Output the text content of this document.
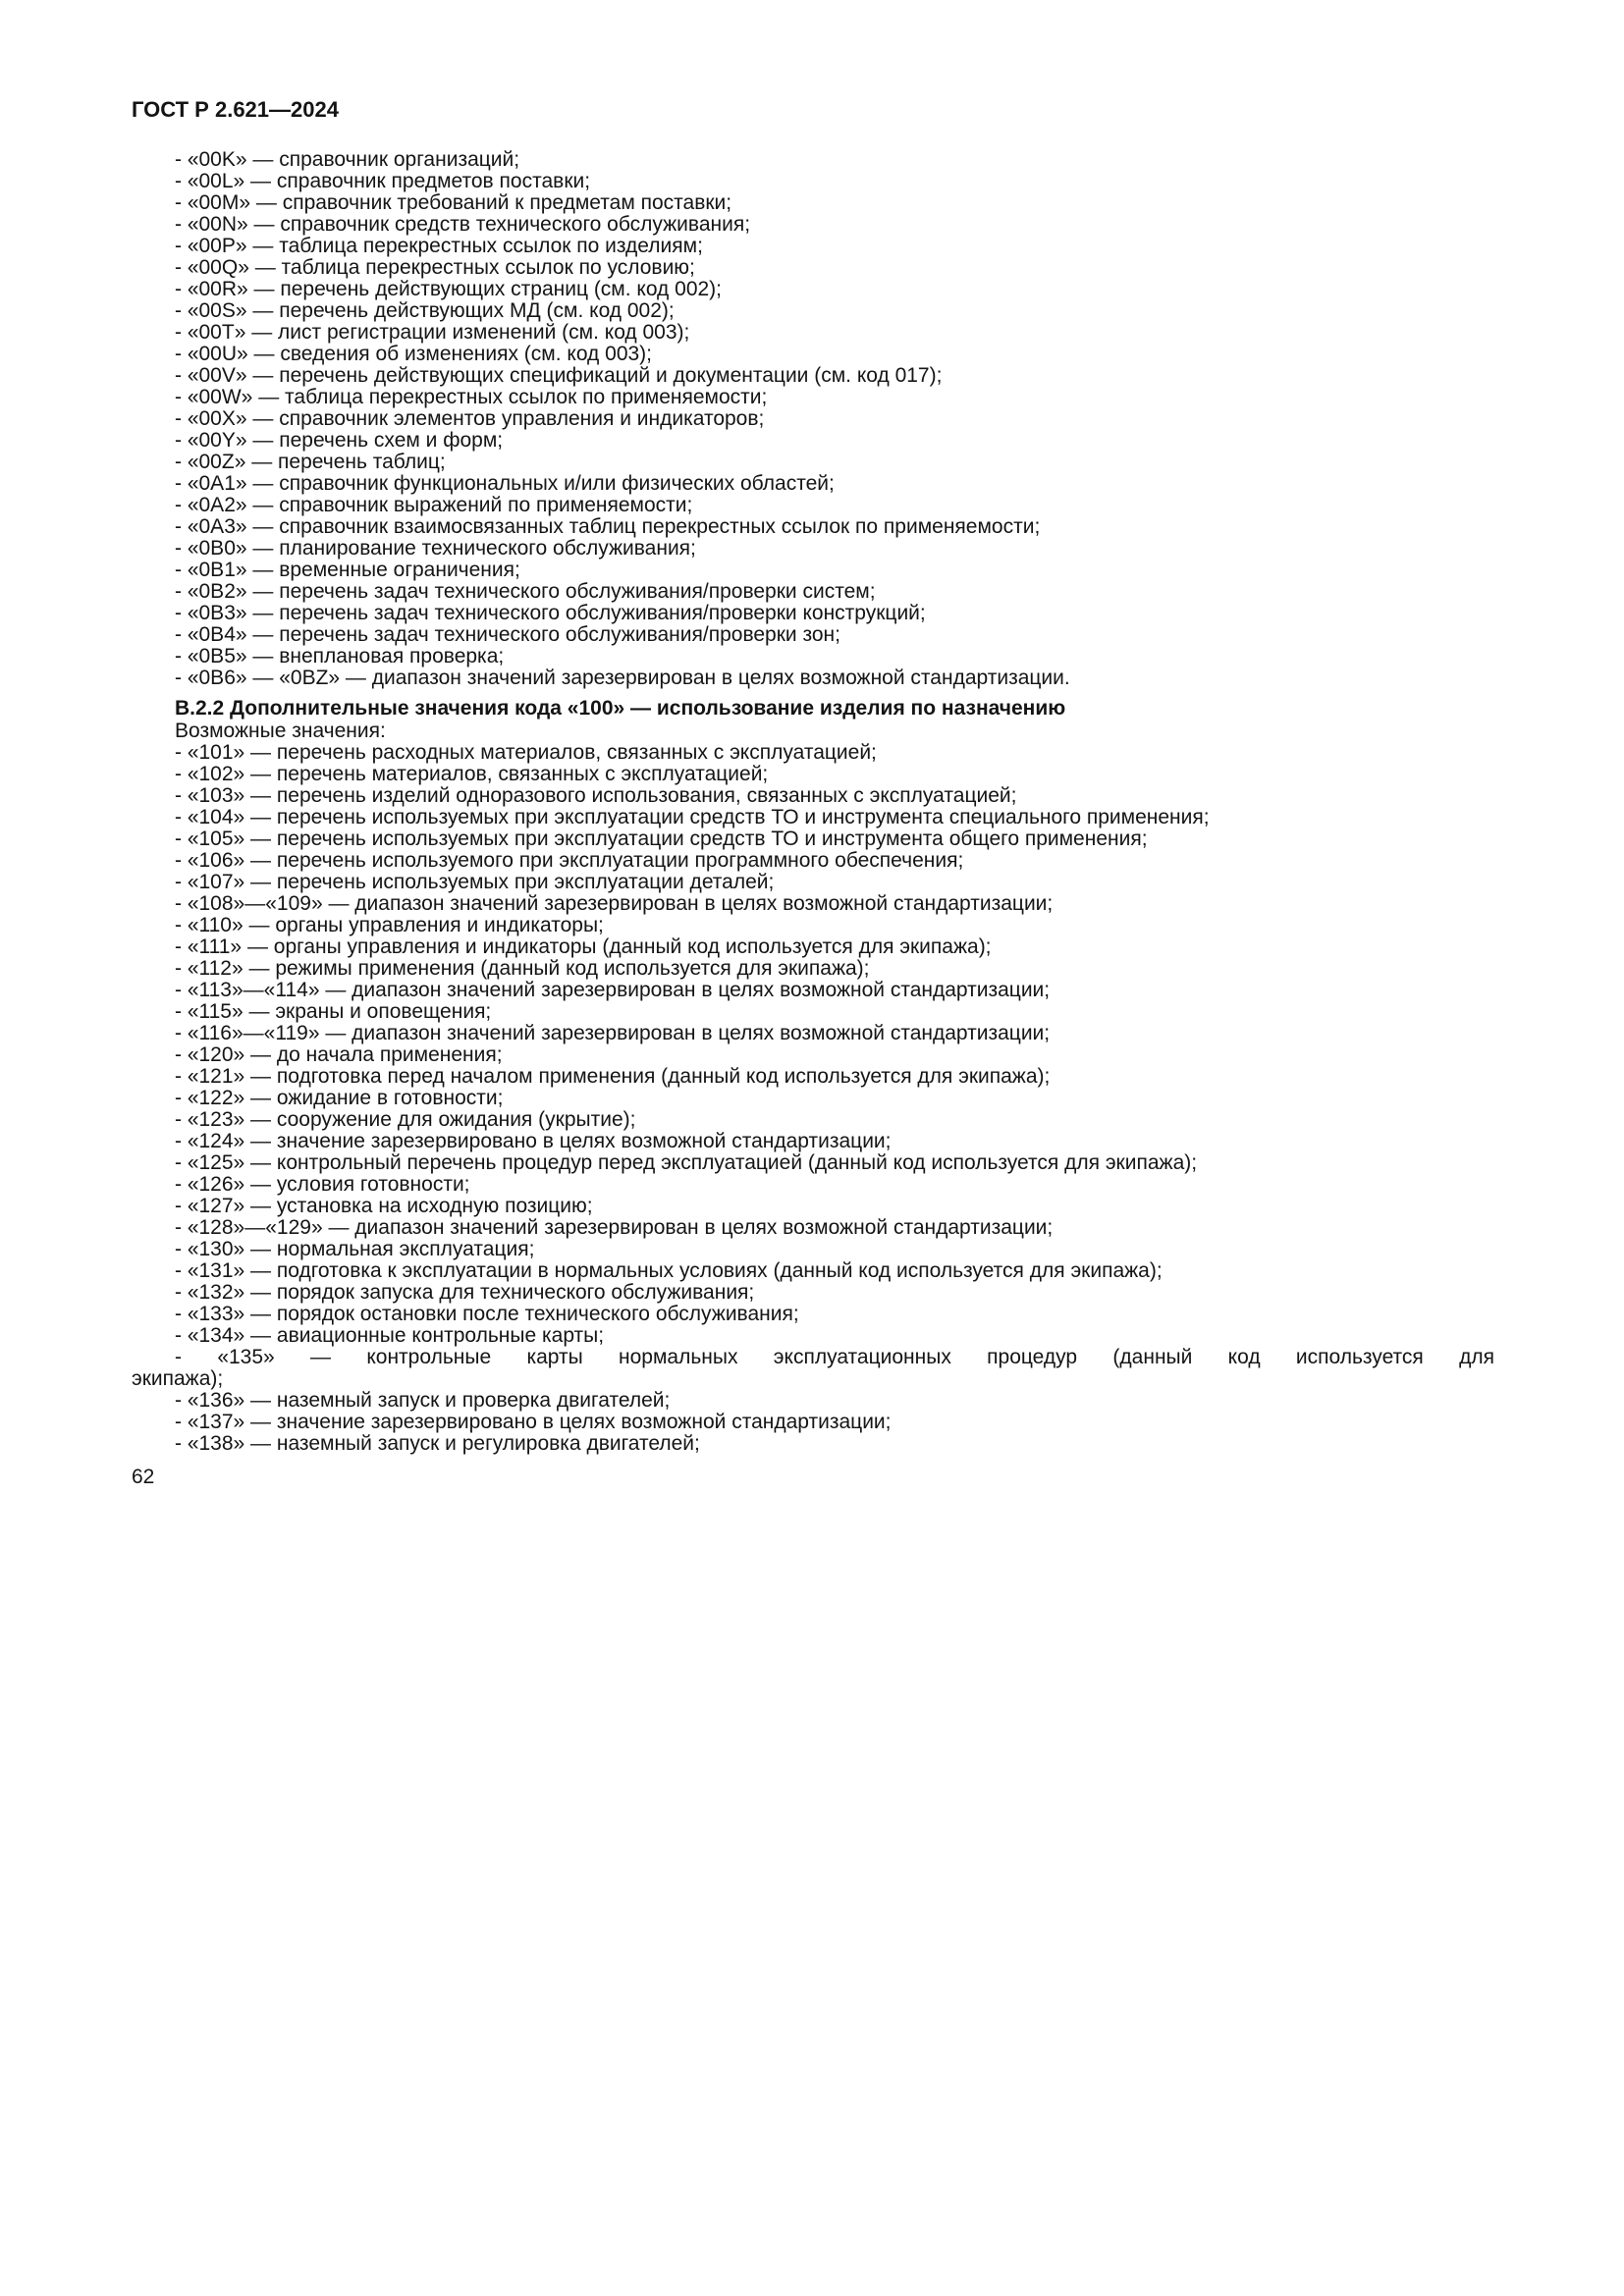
ГОСТ Р 2.621—2024

- «00K» — справочник организаций;

- «00L» — справочник предметов поставки;

- «00M» — справочник требований к предметам поставки;

- «00N» — справочник средств технического обслуживания;

- «00P» — таблица перекрестных ссылок по изделиям;

- «00Q» — таблица перекрестных ссылок по условию;

- «00R» — перечень действующих страниц (см. код 002);

- «00S» — перечень действующих МД (см. код 002);

- «00T» — лист регистрации изменений (см. код 003);

- «00U» — сведения об изменениях (см. код 003);

- «00V» — перечень действующих спецификаций и документации (см. код 017);

- «00W» — таблица перекрестных ссылок по применяемости;

- «00X» — справочник элементов управления и индикаторов;

- «00Y» — перечень схем и форм;

- «00Z» — перечень таблиц;

- «0A1» — справочник функциональных и/или физических областей;

- «0A2» — справочник выражений по применяемости;

- «0A3» — справочник взаимосвязанных таблиц перекрестных ссылок по применяемости;

- «0B0» — планирование технического обслуживания;

- «0B1» — временные ограничения;

- «0B2» — перечень задач технического обслуживания/проверки систем;

- «0B3» — перечень задач технического обслуживания/проверки конструкций;

- «0B4» — перечень задач технического обслуживания/проверки зон;

- «0B5» — внеплановая проверка;

- «0B6» — «0BZ» — диапазон значений зарезервирован в целях возможной стандартизации.

В.2.2 Дополнительные значения кода «100» — использование изделия по назначению

Возможные значения:

- «101» — перечень расходных материалов, связанных с эксплуатацией;

- «102» — перечень материалов, связанных с эксплуатацией;

- «103» — перечень изделий одноразового использования, связанных с эксплуатацией;

- «104» — перечень используемых при эксплуатации средств ТО и инструмента специального применения;

- «105» — перечень используемых при эксплуатации средств ТО и инструмента общего применения;

- «106» — перечень используемого при эксплуатации программного обеспечения;

- «107» — перечень используемых при эксплуатации деталей;

- «108»—«109» — диапазон значений зарезервирован в целях возможной стандартизации;

- «110» — органы управления и индикаторы;

- «111» — органы управления и индикаторы (данный код используется для экипажа);

- «112» — режимы применения (данный код используется для экипажа);

- «113»—«114» — диапазон значений зарезервирован в целях возможной стандартизации;

- «115» — экраны и оповещения;

- «116»—«119» — диапазон значений зарезервирован в целях возможной стандартизации;

- «120» — до начала применения;

- «121» — подготовка перед началом применения (данный код используется для экипажа);

- «122» — ожидание в готовности;

- «123» — сооружение для ожидания (укрытие);

- «124» — значение зарезервировано в целях возможной стандартизации;

- «125» — контрольный перечень процедур перед эксплуатацией (данный код используется для экипажа);

- «126» — условия готовности;

- «127» — установка на исходную позицию;

- «128»—«129» — диапазон значений зарезервирован в целях возможной стандартизации;

- «130» — нормальная эксплуатация;

- «131» — подготовка к эксплуатации в нормальных условиях (данный код используется для экипажа);

- «132» — порядок запуска для технического обслуживания;

- «133» — порядок остановки после технического обслуживания;

- «134» — авиационные контрольные карты;

- «135» — контрольные карты нормальных эксплуатационных процедур (данный код используется для
экипажа);

- «136» — наземный запуск и проверка двигателей;

- «137» — значение зарезервировано в целях возможной стандартизации;

- «138» — наземный запуск и регулировка двигателей;

62
